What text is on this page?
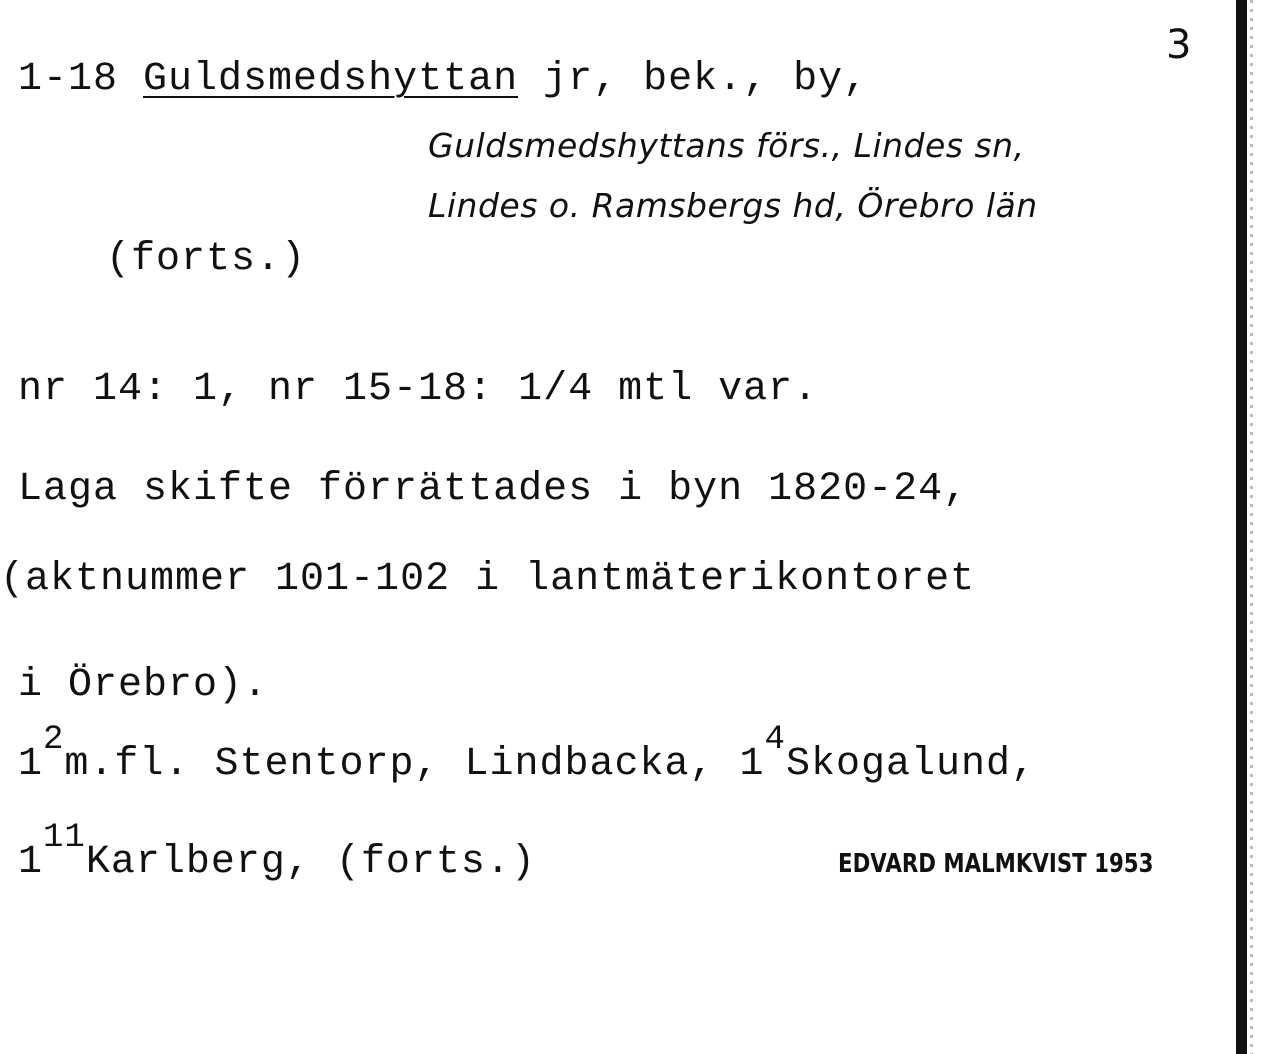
3
1-18 Guldsmedshyttan jr, bek., by,
Guldsmedshyttans förs., Lindes sn,
Lindes o. Ramsbergs hd, Örebro län
(forts.)
nr 14: 1, nr 15-18: 1/4 mtl var.
Laga skifte förrättades i byn 1820-24,
(aktnummer 101-102 i lantmäterikontoret
i Örebro).
$1^2m.fl$. Stentorp, Lindbacka, $1^4Skogalund$,
$1^{11}Karlberg$, (forts.)	EDVARD MALMKVIST 1953
